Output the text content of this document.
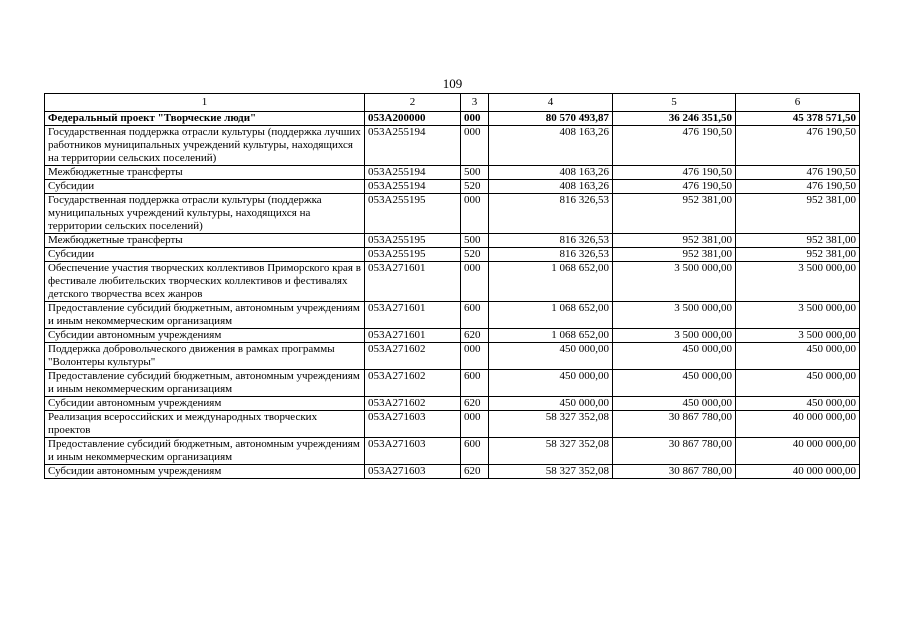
109
1	2	3	4	5	6
Федеральный проект "Творческие люди"	053A200000	000	80 570 493,87	36 246 351,50	45 378 571,50
Государственная поддержка отрасли культуры (поддержка лучших работников муниципальных учреждений культуры, находящихся на территории сельских поселений)	053A255194	000	408 163,26	476 190,50	476 190,50
Межбюджетные трансферты	053A255194	500	408 163,26	476 190,50	476 190,50
Субсидии	053A255194	520	408 163,26	476 190,50	476 190,50
Государственная поддержка отрасли культуры (поддержка муниципальных учреждений культуры, находящихся на территории сельских поселений)	053A255195	000	816 326,53	952 381,00	952 381,00
Межбюджетные трансферты	053A255195	500	816 326,53	952 381,00	952 381,00
Субсидии	053A255195	520	816 326,53	952 381,00	952 381,00
Обеспечение участия творческих коллективов Приморского края в фестивале любительских творческих коллективов и фестивалях детского творчества всех жанров	053A271601	000	1 068 652,00	3 500 000,00	3 500 000,00
Предоставление субсидий бюджетным, автономным учреждениям и иным некоммерческим организациям	053A271601	600	1 068 652,00	3 500 000,00	3 500 000,00
Субсидии автономным учреждениям	053A271601	620	1 068 652,00	3 500 000,00	3 500 000,00
Поддержка добровольческого движения в рамках программы "Волонтеры культуры"	053A271602	000	450 000,00	450 000,00	450 000,00
Предоставление субсидий бюджетным, автономным учреждениям и иным некоммерческим организациям	053A271602	600	450 000,00	450 000,00	450 000,00
Субсидии автономным учреждениям	053A271602	620	450 000,00	450 000,00	450 000,00
Реализация всероссийских и международных творческих проектов	053A271603	000	58 327 352,08	30 867 780,00	40 000 000,00
Предоставление субсидий бюджетным, автономным учреждениям и иным некоммерческим организациям	053A271603	600	58 327 352,08	30 867 780,00	40 000 000,00
Субсидии автономным учреждениям	053A271603	620	58 327 352,08	30 867 780,00	40 000 000,00
